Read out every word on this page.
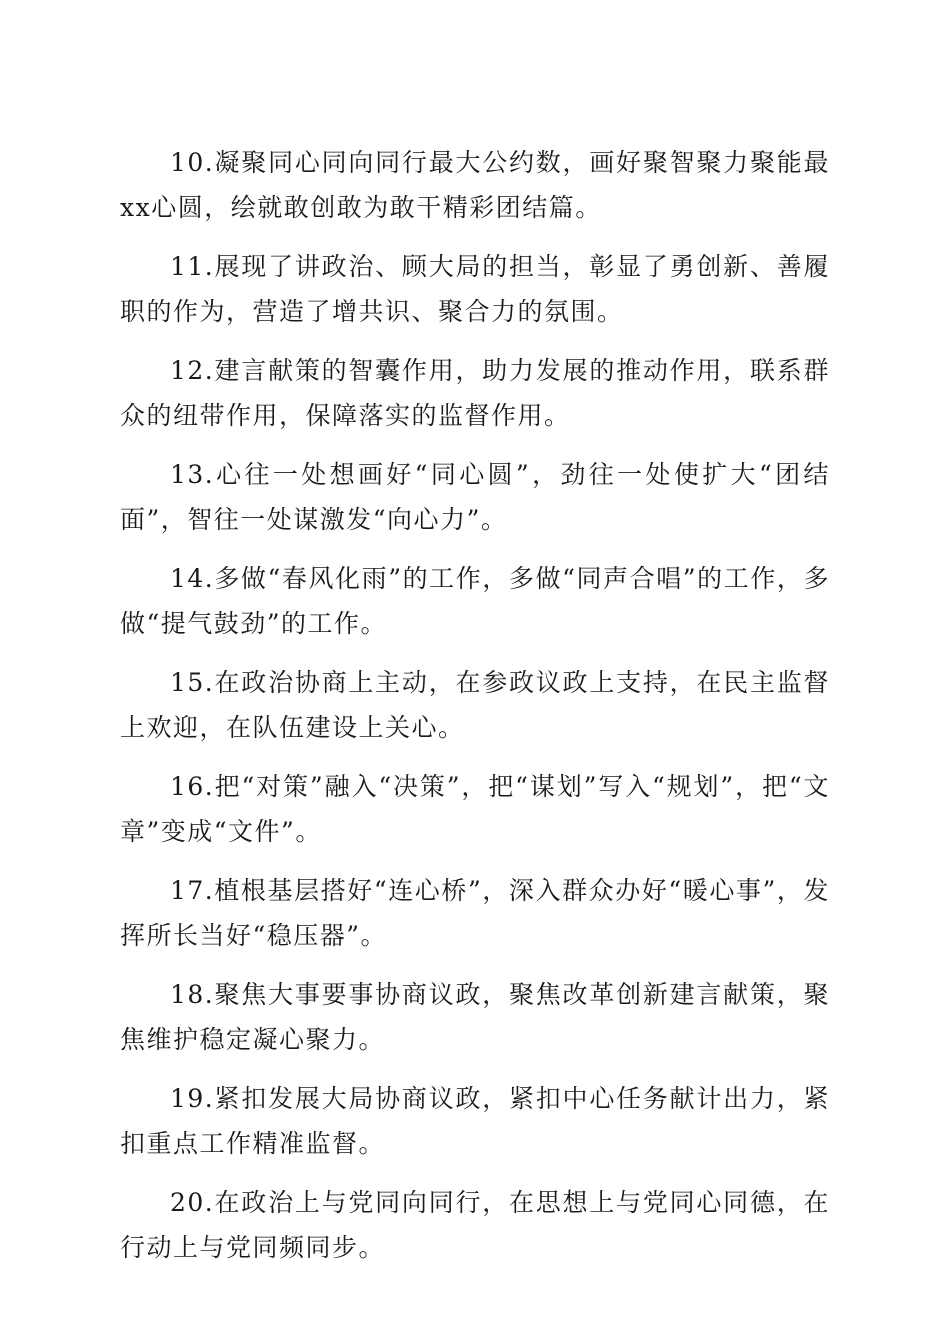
10.凝聚同心同向同行最大公约数，画好聚智聚力聚能最xx心圆，绘就敢创敢为敢干精彩团结篇。

11.展现了讲政治、顾大局的担当，彰显了勇创新、善履职的作为，营造了增共识、聚合力的氛围。

12.建言献策的智囊作用，助力发展的推动作用，联系群众的纽带作用，保障落实的监督作用。

13.心往一处想画好“同心圆”，劲往一处使扩大“团结面”，智往一处谋激发“向心力”。

14.多做“春风化雨”的工作，多做“同声合唱”的工作，多做“提气鼓劲”的工作。

15.在政治协商上主动，在参政议政上支持，在民主监督上欢迎，在队伍建设上关心。

16.把“对策”融入“决策”，把“谋划”写入“规划”，把“文章”变成“文件”。

17.植根基层搭好“连心桥”，深入群众办好“暖心事”，发挥所长当好“稳压器”。

18.聚焦大事要事协商议政，聚焦改革创新建言献策，聚焦维护稳定凝心聚力。

19.紧扣发展大局协商议政，紧扣中心任务献计出力，紧扣重点工作精准监督。

20.在政治上与党同向同行，在思想上与党同心同德，在行动上与党同频同步。
